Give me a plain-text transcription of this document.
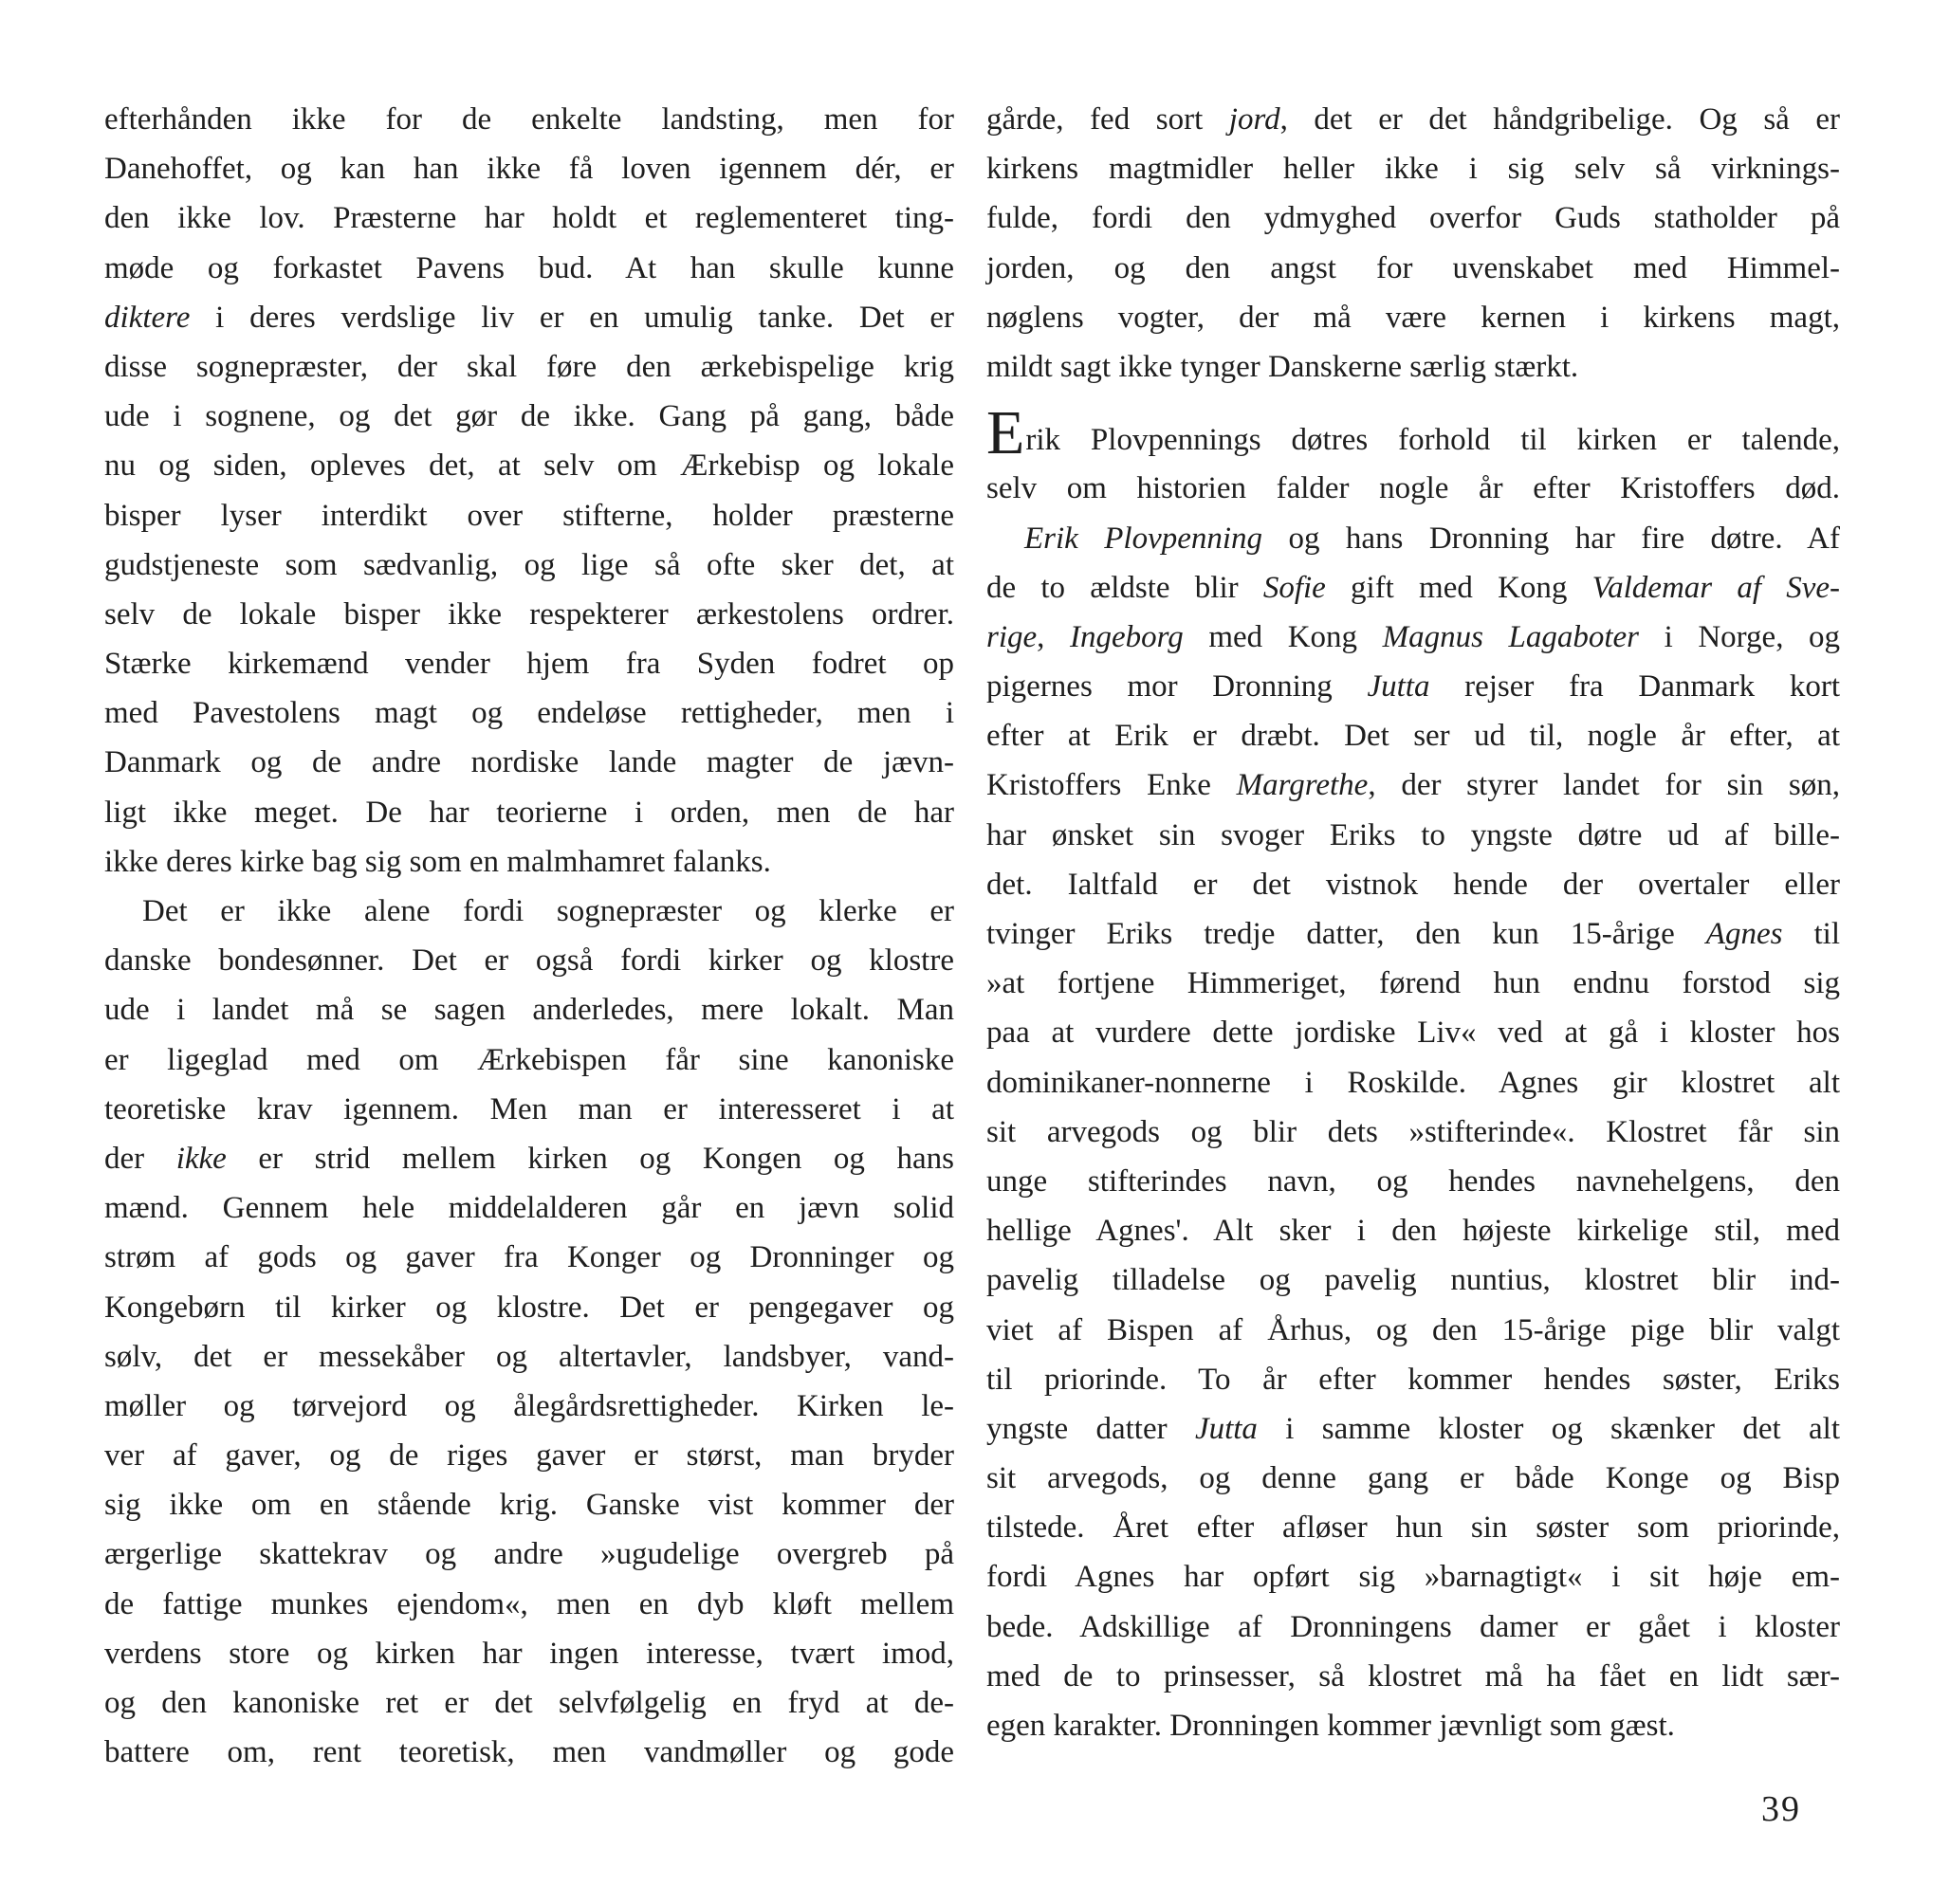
efterhånden ikke for de enkelte landsting, men for
Danehoffet, og kan han ikke få loven igennem dér, er
den ikke lov. Præsterne har holdt et reglementeret ting-
møde og forkastet Pavens bud. At han skulle kunne
diktere i deres verdslige liv er en umulig tanke. Det er
disse sognepræster, der skal føre den ærkebispelige krig
ude i sognene, og det gør de ikke. Gang på gang, både
nu og siden, opleves det, at selv om Ærkebisp og lokale
bisper lyser interdikt over stifterne, holder præsterne
gudstjeneste som sædvanlig, og lige så ofte sker det, at
selv de lokale bisper ikke respekterer ærkestolens ordrer.
Stærke kirkemænd vender hjem fra Syden fodret op
med Pavestolens magt og endeløse rettigheder, men i
Danmark og de andre nordiske lande magter de jævn-
ligt ikke meget. De har teorierne i orden, men de har
ikke deres kirke bag sig som en malmhamret falanks.
Det er ikke alene fordi sognepræster og klerke er
danske bondesønner. Det er også fordi kirker og klostre
ude i landet må se sagen anderledes, mere lokalt. Man
er ligeglad med om Ærkebispen får sine kanoniske
teoretiske krav igennem. Men man er interesseret i at
der ikke er strid mellem kirken og Kongen og hans
mænd. Gennem hele middelalderen går en jævn solid
strøm af gods og gaver fra Konger og Dronninger og
Kongebørn til kirker og klostre. Det er pengegaver og
sølv, det er messekåber og altertavler, landsbyer, vand-
møller og tørvejord og ålegårdsrettigheder. Kirken le-
ver af gaver, og de riges gaver er størst, man bryder
sig ikke om en stående krig. Ganske vist kommer der
ærgerlige skattekrav og andre »ugudelige overgreb på
de fattige munkes ejendom«, men en dyb kløft mellem
verdens store og kirken har ingen interesse, tvært imod,
og den kanoniske ret er det selvfølgelig en fryd at de-
battere om, rent teoretisk, men vandmøller og gode
gårde, fed sort jord, det er det håndgribelige. Og så er
kirkens magtmidler heller ikke i sig selv så virknings-
fulde, fordi den ydmyghed overfor Guds statholder på
jorden, og den angst for uvenskabet med Himmel-
nøglens vogter, der må være kernen i kirkens magt,
mildt sagt ikke tynger Danskerne særlig stærkt.
Erik Plovpennings døtres forhold til kirken er talende,
selv om historien falder nogle år efter Kristoffers død.
Erik Plovpenning og hans Dronning har fire døtre. Af
de to ældste blir Sofie gift med Kong Valdemar af Sve-
rige, Ingeborg med Kong Magnus Lagaboter i Norge, og
pigernes mor Dronning Jutta rejser fra Danmark kort
efter at Erik er dræbt. Det ser ud til, nogle år efter, at
Kristoffers Enke Margrethe, der styrer landet for sin søn,
har ønsket sin svoger Eriks to yngste døtre ud af bille-
det. Ialtfald er det vistnok hende der overtaler eller
tvinger Eriks tredje datter, den kun 15-årige Agnes til
»at fortjene Himmeriget, førend hun endnu forstod sig
paa at vurdere dette jordiske Liv« ved at gå i kloster hos
dominikaner-nonnerne i Roskilde. Agnes gir klostret alt
sit arvegods og blir dets »stifterinde«. Klostret får sin
unge stifterindes navn, og hendes navnehelgens, den
hellige Agnes'. Alt sker i den højeste kirkelige stil, med
pavelig tilladelse og pavelig nuntius, klostret blir ind-
viet af Bispen af Århus, og den 15-årige pige blir valgt
til priorinde. To år efter kommer hendes søster, Eriks
yngste datter Jutta i samme kloster og skænker det alt
sit arvegods, og denne gang er både Konge og Bisp
tilstede. Året efter afløser hun sin søster som priorinde,
fordi Agnes har opført sig »barnagtigt« i sit høje em-
bede. Adskillige af Dronningens damer er gået i kloster
med de to prinsesser, så klostret må ha fået en lidt sær-
egen karakter. Dronningen kommer jævnligt som gæst.
39
